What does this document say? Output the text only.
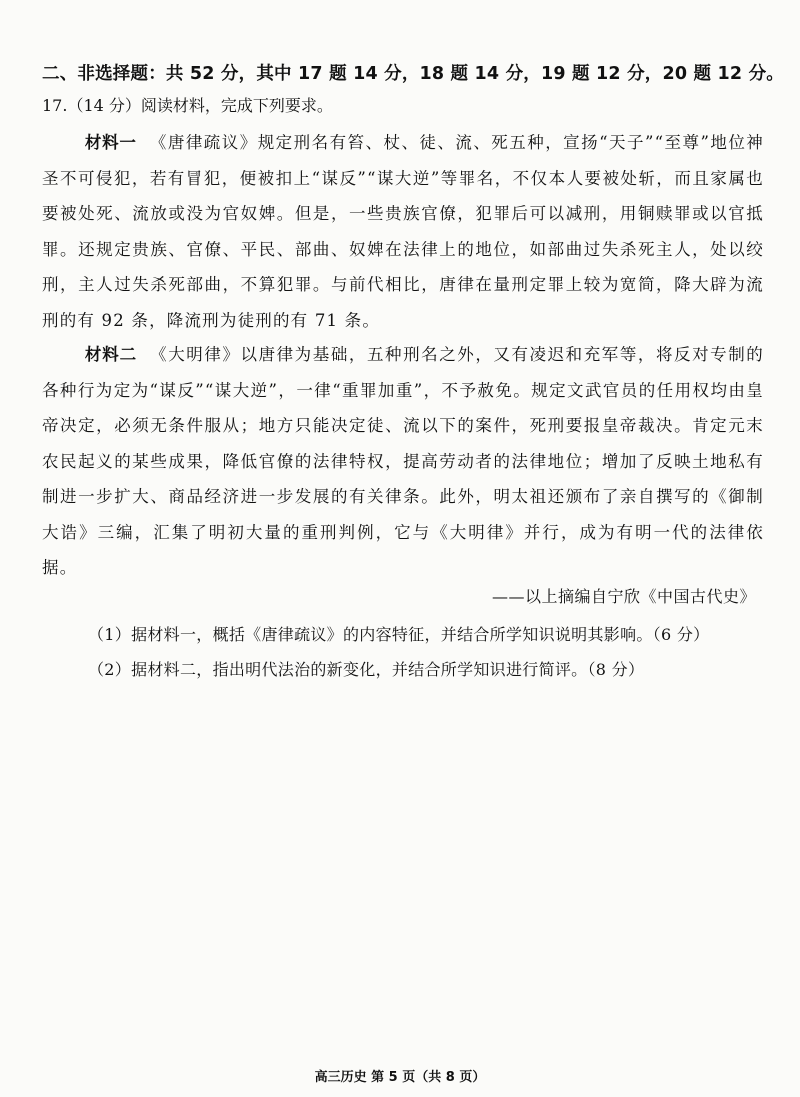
二、非选择题：共 52 分，其中 17 题 14 分，18 题 14 分，19 题 12 分，20 题 12 分。
17.（14 分）阅读材料，完成下列要求。
材料一 《唐律疏议》规定刑名有笞、杖、徒、流、死五种，宣扬“天子”“至尊”地位神圣不可侵犯，若有冒犯，便被扣上“谋反”“谋大逆”等罪名，不仅本人要被处斩，而且家属也要被处死、流放或没为官奴婢。但是，一些贵族官僚，犯罪后可以减刑，用铜赎罪或以官抵罪。还规定贵族、官僚、平民、部曲、奴婢在法律上的地位，如部曲过失杀死主人，处以绞刑，主人过失杀死部曲，不算犯罪。与前代相比，唐律在量刑定罪上较为宽简，降大辟为流刑的有 92 条，降流刑为徒刑的有 71 条。
材料二 《大明律》以唐律为基础，五种刑名之外，又有凌迟和充军等，将反对专制的各种行为定为“谋反”“谋大逆”，一律“重罪加重”，不予赦免。规定文武官员的任用权均由皇帝决定，必须无条件服从；地方只能决定徒、流以下的案件，死刑要报皇帝裁决。肯定元末农民起义的某些成果，降低官僚的法律特权，提高劳动者的法律地位；增加了反映土地私有制进一步扩大、商品经济进一步发展的有关律条。此外，明太祖还颁布了亲自撰写的《御制大诰》三编，汇集了明初大量的重刑判例，它与《大明律》并行，成为有明一代的法律依据。
——以上摘编自宁欣《中国古代史》
（1）据材料一，概括《唐律疏议》的内容特征，并结合所学知识说明其影响。（6 分）
（2）据材料二，指出明代法治的新变化，并结合所学知识进行简评。（8 分）
高三历史 第 5 页（共 8 页）
